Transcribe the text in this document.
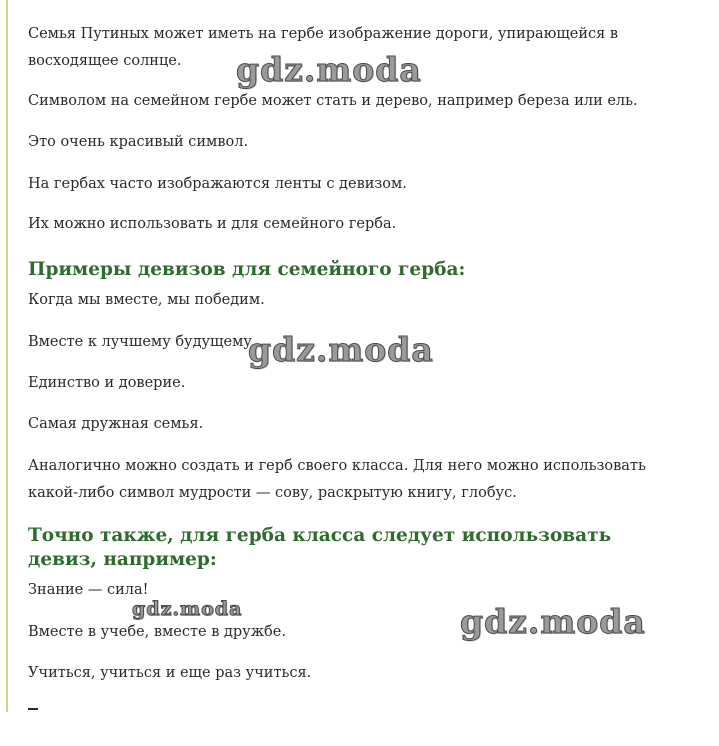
Семья Путиных может иметь на гербе изображение дороги, упирающейся в восходящее солнце.

Символом на семейном гербе может стать и дерево, например береза или ель.

Это очень красивый символ.

На гербах часто изображаются ленты с девизом.

Их можно использовать и для семейного герба.

Примеры девизов для семейного герба:

Когда мы вместе, мы победим.

Вместе к лучшему будущему.

Единство и доверие.

Самая дружная семья.

Аналогично можно создать и герб своего класса. Для него можно использовать какой-либо символ мудрости — сову, раскрытую книгу, глобус.

Точно также, для герба класса следует использовать девиз, например:

Знание — сила!

Вместе в учебе, вместе в дружбе.

Учиться, учиться и еще раз учиться.

gdz.moda
gdz.moda
gdz.moda	gdz.moda
